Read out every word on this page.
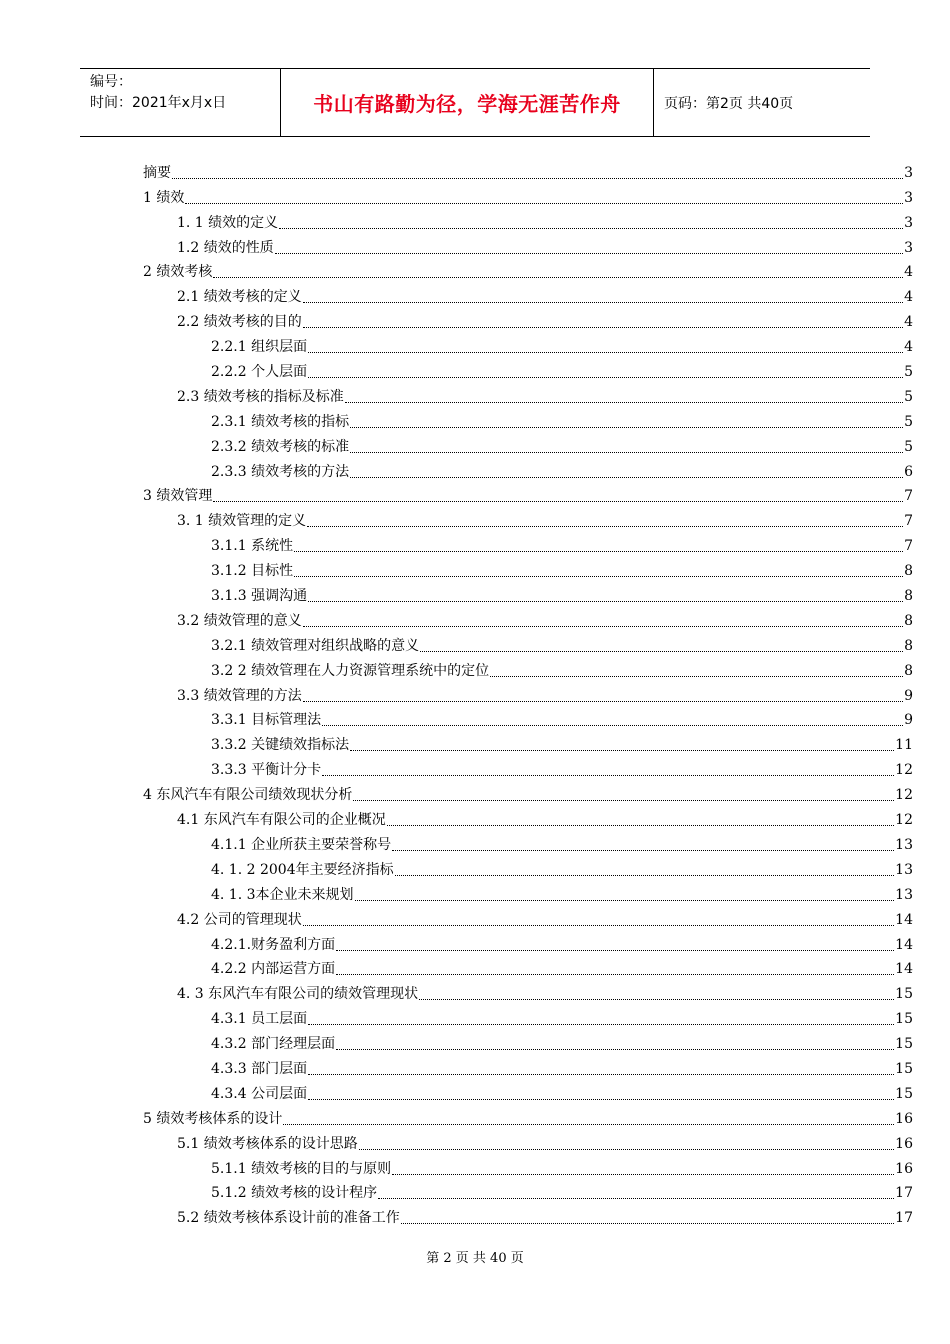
编号：
时间：2021年x月x日	书山有路勤为径，学海无涯苦作舟	页码：第2页 共40页
摘要	3
1 绩效	3
1. 1 绩效的定义	3
1.2 绩效的性质	3
2 绩效考核	4
2.1 绩效考核的定义	4
2.2 绩效考核的目的	4
2.2.1 组织层面	4
2.2.2 个人层面	5
2.3 绩效考核的指标及标准	5
2.3.1 绩效考核的指标	5
2.3.2 绩效考核的标准	5
2.3.3 绩效考核的方法	6
3 绩效管理	7
3. 1 绩效管理的定义	7
3.1.1 系统性	7
3.1.2 目标性	8
3.1.3 强调沟通	8
3.2 绩效管理的意义	8
3.2.1 绩效管理对组织战略的意义	8
3.2 2 绩效管理在人力资源管理系统中的定位	8
3.3 绩效管理的方法	9
3.3.1 目标管理法	9
3.3.2 关键绩效指标法	11
3.3.3 平衡计分卡	12
4 东风汽车有限公司绩效现状分析	12
4.1 东风汽车有限公司的企业概况	12
4.1.1 企业所获主要荣誉称号	13
4. 1. 2 2004年主要经济指标	13
4. 1. 3本企业未来规划	13
4.2 公司的管理现状	14
4.2.1.财务盈利方面	14
4.2.2 内部运营方面	14
4. 3 东风汽车有限公司的绩效管理现状	15
4.3.1 员工层面	15
4.3.2 部门经理层面	15
4.3.3 部门层面	15
4.3.4 公司层面	15
5 绩效考核体系的设计	16
5.1 绩效考核体系的设计思路	16
5.1.1 绩效考核的目的与原则	16
5.1.2 绩效考核的设计程序	17
5.2 绩效考核体系设计前的准备工作	17
第 2 页 共 40 页
